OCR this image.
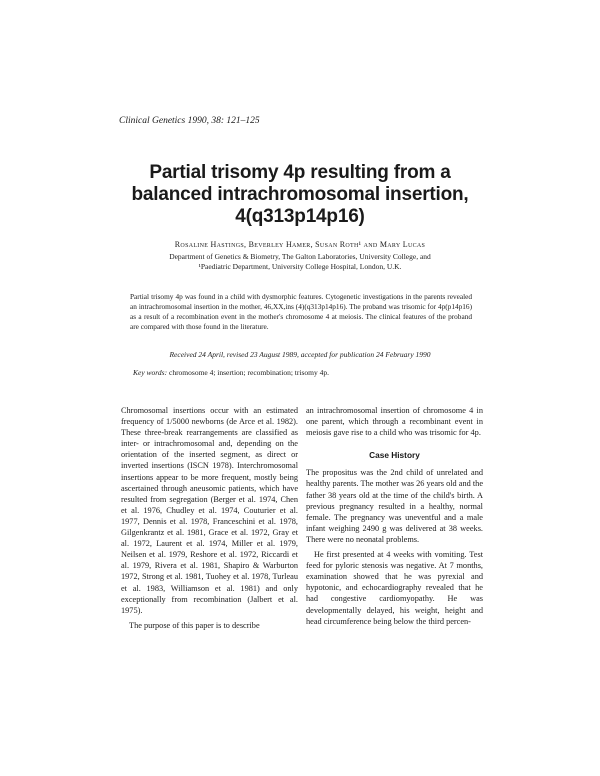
Clinical Genetics 1990, 38: 121–125
Partial trisomy 4p resulting from a
balanced intrachromosomal insertion,
4(q313p14p16)
Rosaline Hastings, Beverley Hamer, Susan Roth¹ and Mary Lucas
Department of Genetics & Biometry, The Galton Laboratories, University College, and
¹Paediatric Department, University College Hospital, London, U.K.

Partial trisomy 4p was found in a child with dysmorphic features. Cytogenetic investigations in the parents revealed an intrachromosomal insertion in the mother, 46,XX,ins (4)(q313p14p16). The proband was trisomic for 4p(p14p16) as a result of a recombination event in the mother's chromosome 4 at meiosis. The clinical features of the proband are compared with those found in the literature.

Received 24 April, revised 23 August 1989, accepted for publication 24 February 1990
Key words: chromosome 4; insertion; recombination; trisomy 4p.

Chromosomal insertions occur with an estimated frequency of 1/5000 newborns (de Arce et al. 1982). These three-break rearrangements are classified as inter- or intrachromosomal and, depending on the orientation of the inserted segment, as direct or inverted insertions (ISCN 1978). Interchromosomal insertions appear to be more frequent, mostly being ascertained through aneusomic patients, which have resulted from segregation (Berger et al. 1974, Chen et al. 1976, Chudley et al. 1974, Couturier et al. 1977, Dennis et al. 1978, Franceschini et al. 1978, Gilgenkrantz et al. 1981, Grace et al. 1972, Gray et al. 1972, Laurent et al. 1974, Miller et al. 1979, Neilsen et al. 1979, Reshore et al. 1972, Riccardi et al. 1979, Rivera et al. 1981, Shapiro & Warburton 1972, Strong et al. 1981, Tuohey et al. 1978, Turleau et al. 1983, Williamson et al. 1981) and only exceptionally from recombination (Jalbert et al. 1975).

The purpose of this paper is to describe

an intrachromosomal insertion of chromosome 4 in one parent, which through a recombinant event in meiosis gave rise to a child who was trisomic for 4p.

Case History

The propositus was the 2nd child of unrelated and healthy parents. The mother was 26 years old and the father 38 years old at the time of the child's birth. A previous pregnancy resulted in a healthy, normal female. The pregnancy was uneventful and a male infant weighing 2490 g was delivered at 38 weeks. There were no neonatal problems.

He first presented at 4 weeks with vomiting. Test feed for pyloric stenosis was negative. At 7 months, examination showed that he was pyrexial and hypotonic, and echocardiography revealed that he had congestive cardiomyopathy. He was developmentally delayed, his weight, height and head circumference being below the third percen-
